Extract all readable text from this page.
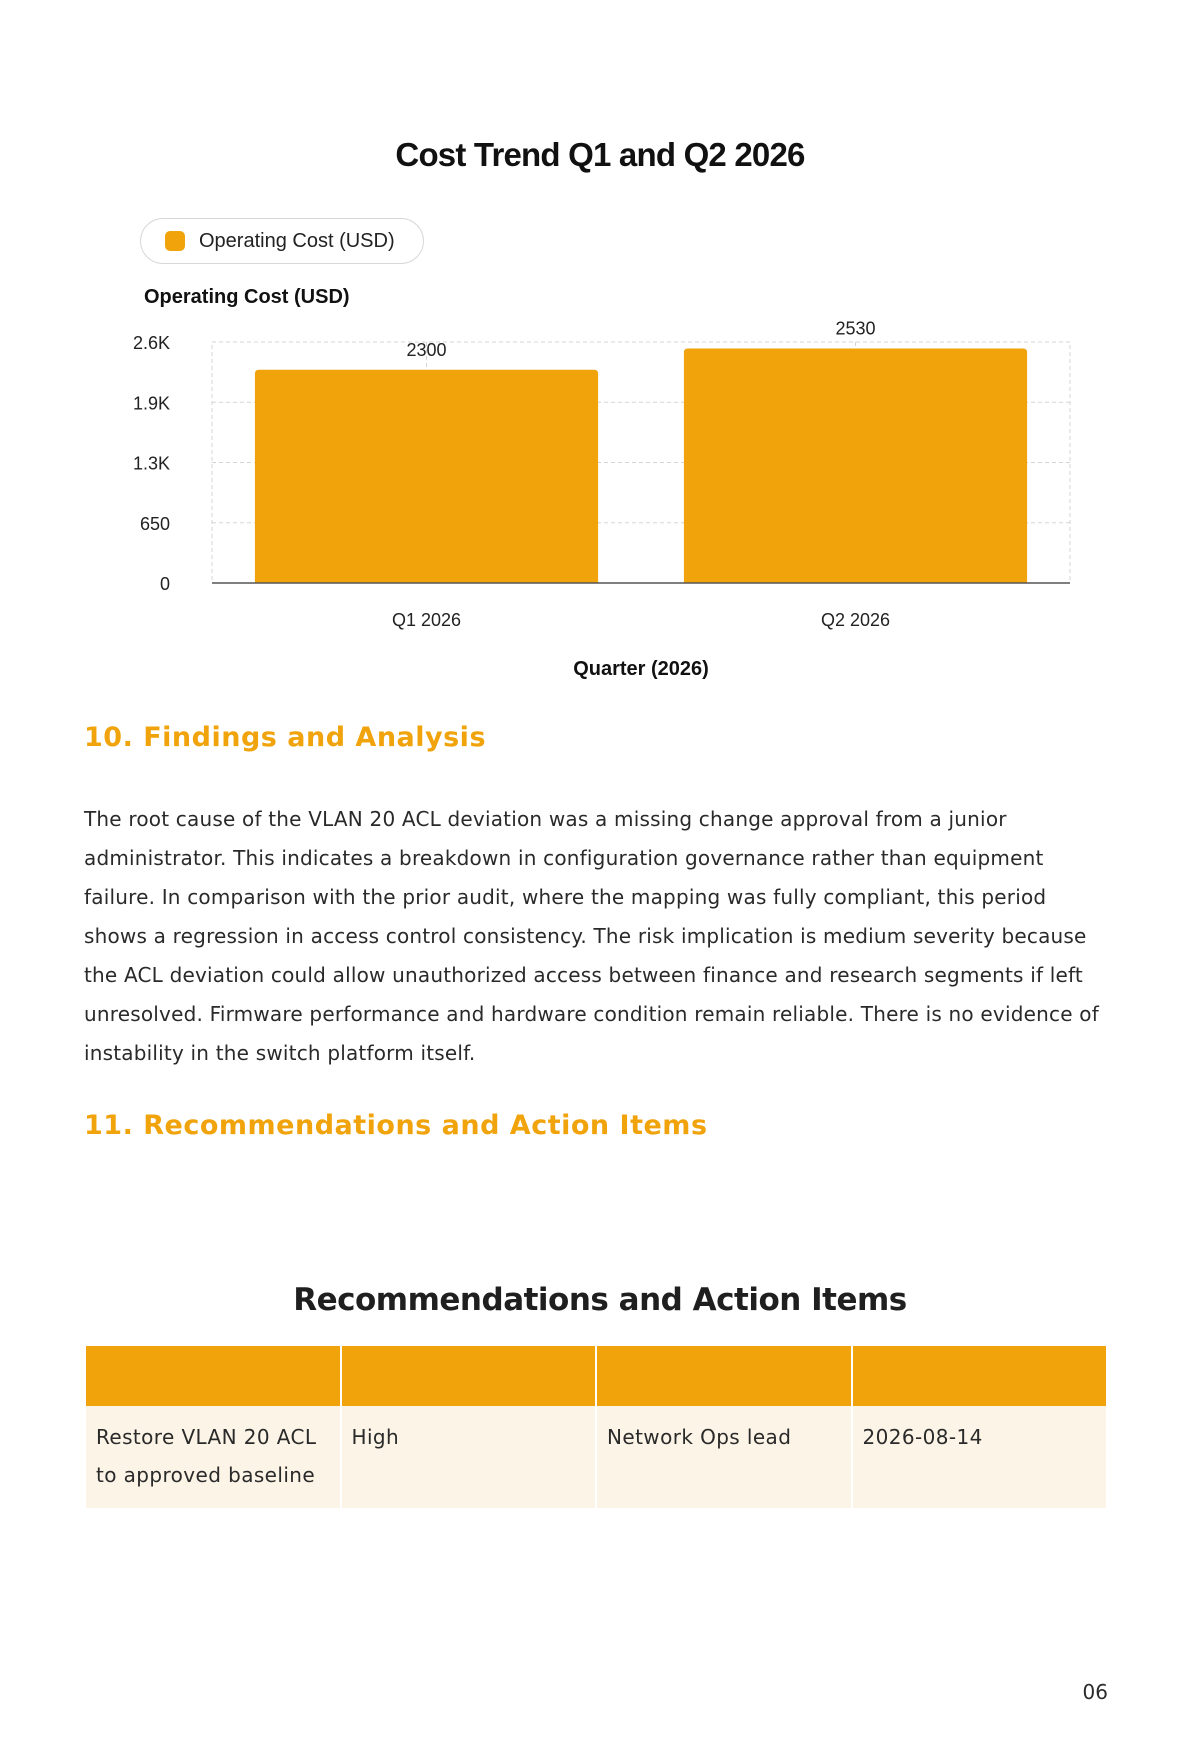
Cost Trend Q1 and Q2 2026
Operating Cost (USD)
Operating Cost (USD)
0
650
1.3K
1.9K
2.6K	2300
Q1 2026
2530
Q2 2026
Quarter (2026)
10. Findings and Analysis
The root cause of the VLAN 20 ACL deviation was a missing change approval from a junior administrator. This indicates a breakdown in configuration governance rather than equipment failure. In comparison with the prior audit, where the mapping was fully compliant, this period shows a regression in access control consistency. The risk implication is medium severity because the ACL deviation could allow unauthorized access between finance and research segments if left unresolved. Firmware performance and hardware condition remain reliable. There is no evidence of instability in the switch platform itself.
11. Recommendations and Action Items
Recommendations and Action Items

Restore VLAN 20 ACL to approved baseline	High	Network Ops lead	2026-08-14
06
